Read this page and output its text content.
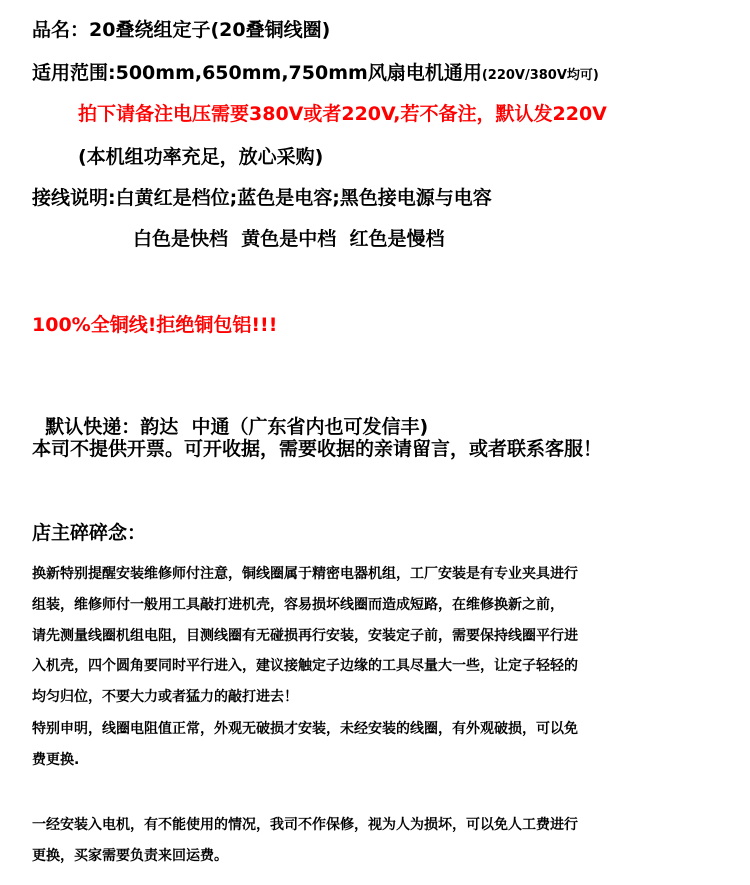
品名：20叠绕组定子(20叠铜线圈)
适用范围:500mm,650mm,750mm风扇电机通用(220V/380V均可)
拍下请备注电压需要380V或者220V,若不备注，默认发220V
(本机组功率充足，放心采购)
接线说明:白黄红是档位;蓝色是电容;黑色接电源与电容
白色是快档  黄色是中档  红色是慢档
100%全铜线!拒绝铜包铝!!!

默认快递：韵达  中通（广东省内也可发信丰)

本司不提供开票。可开收据，需要收据的亲请留言，或者联系客服！
店主碎碎念：
换新特别提醒安装维修师付注意，铜线圈属于精密电器机组，工厂安装是有专业夹具进行
组装，维修师付一般用工具敲打进机壳，容易损坏线圈而造成短路，在维修换新之前，
请先测量线圈机组电阻，目测线圈有无碰损再行安装，安装定子前，需要保持线圈平行进
入机壳，四个圆角要同时平行进入，建议接触定子边缘的工具尽量大一些，让定子轻轻的
均匀归位，不要大力或者猛力的敲打进去！
特别申明，线圈电阻值正常，外观无破损才安装，未经安装的线圈，有外观破损，可以免
费更换.
一经安装入电机，有不能使用的情况，我司不作保修，视为人为损坏，可以免人工费进行
更换，买家需要负责来回运费。
